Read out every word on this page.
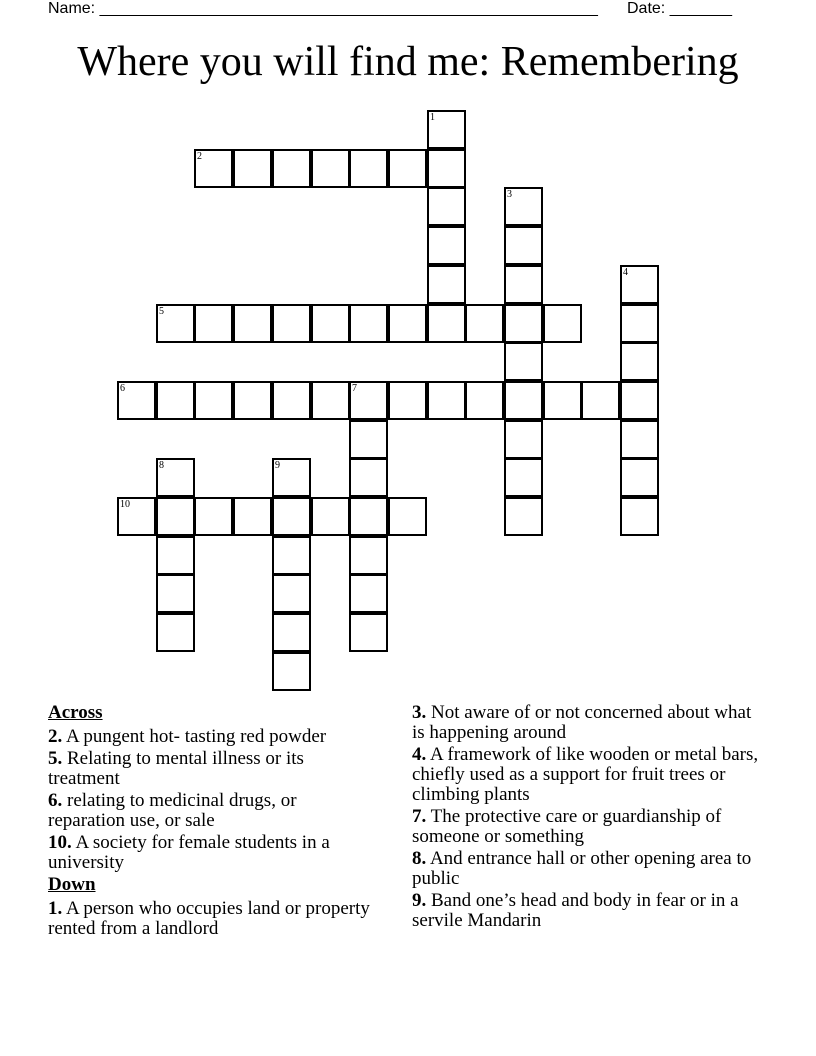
Name: ________________________________________________________ Date: _______
Where you will find me: Remembering
1
2
3
4
5
6	7
8	9
10
Across
2. A pungent hot- tasting red powder
5. Relating to mental illness or its treatment
6. relating to medicinal drugs, or reparation use, or sale
10. A society for female students in a university
Down
1. A person who occupies land or property rented from a landlord
3. Not aware of or not concerned about what is happening around
4. A framework of like wooden or metal bars, chiefly used as a support for fruit trees or climbing plants
7. The protective care or guardianship of someone or something
8. And entrance hall or other opening area to public
9. Band one’s head and body in fear or in a servile Mandarin
